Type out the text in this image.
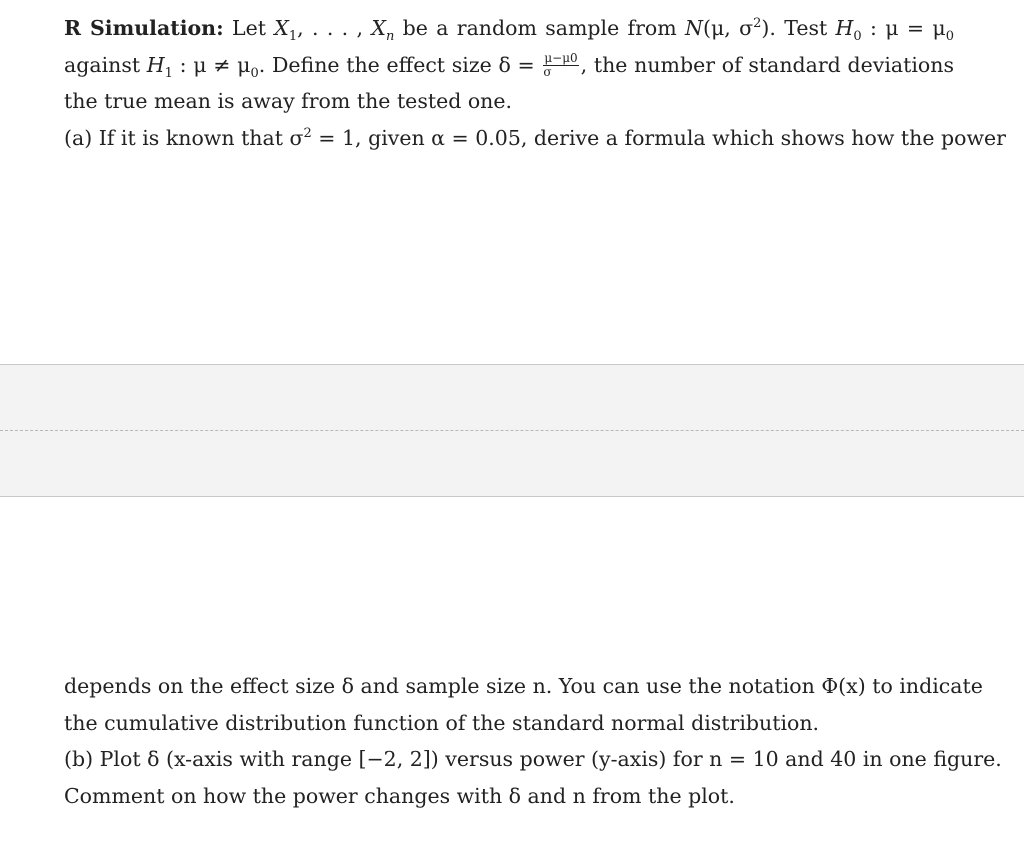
R Simulation: Let $X_1$, . . . , $X_n$ be a random sample from N(μ, $\sigma^2$). Test $H_0$ : $\mu = \mu_0$
against $H_1$ : $\mu \ne \mu_0$. Define the effect size $\delta = \frac{\mu-\mu 0}{\sigma}$ , the number of standard deviations
the true mean is away from the tested one.
(a) If it is known that $\sigma^2 = 1$, given α = 0.05, derive a formula which shows how the power
depends on the effect size δ and sample size n. You can use the notation Φ(x) to indicate
the cumulative distribution function of the standard normal distribution.
(b) Plot δ (x-axis with range [−2, 2]) versus power (y-axis) for n = 10 and 40 in one figure.
Comment on how the power changes with δ and n from the plot.
